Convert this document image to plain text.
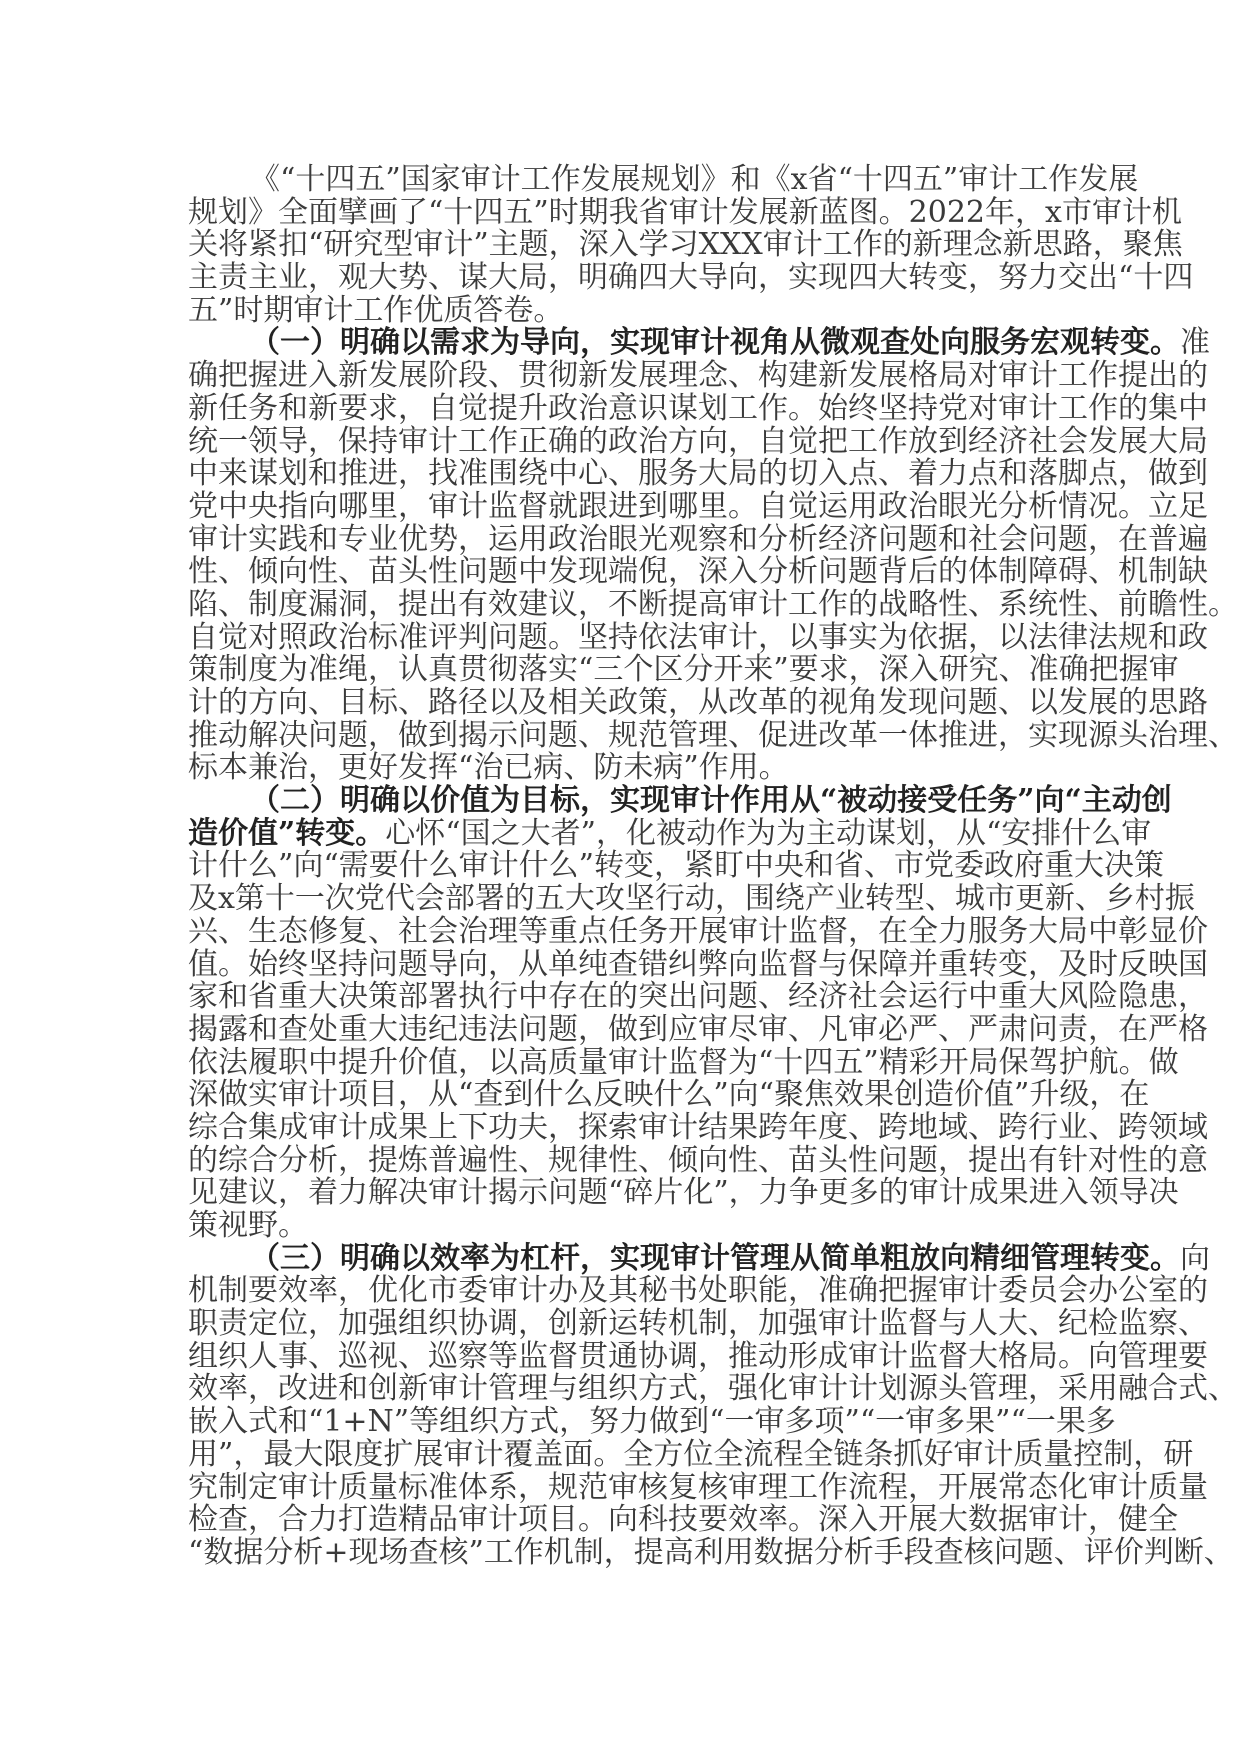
《“十四五”国家审计工作发展规划》和《x省“十四五”审计工作发展
规划》全面擘画了“十四五”时期我省审计发展新蓝图。2022年，x市审计机
关将紧扣“研究型审计”主题，深入学习XXX审计工作的新理念新思路，聚焦
主责主业，观大势、谋大局，明确四大导向，实现四大转变，努力交出“十四
五”时期审计工作优质答卷。
（一）明确以需求为导向，实现审计视角从微观查处向服务宏观转变。准
确把握进入新发展阶段、贯彻新发展理念、构建新发展格局对审计工作提出的
新任务和新要求，自觉提升政治意识谋划工作。始终坚持党对审计工作的集中
统一领导，保持审计工作正确的政治方向，自觉把工作放到经济社会发展大局
中来谋划和推进，找准围绕中心、服务大局的切入点、着力点和落脚点，做到
党中央指向哪里，审计监督就跟进到哪里。自觉运用政治眼光分析情况。立足
审计实践和专业优势，运用政治眼光观察和分析经济问题和社会问题，在普遍
性、倾向性、苗头性问题中发现端倪，深入分析问题背后的体制障碍、机制缺
陷、制度漏洞，提出有效建议，不断提高审计工作的战略性、系统性、前瞻性。
自觉对照政治标准评判问题。坚持依法审计，以事实为依据，以法律法规和政
策制度为准绳，认真贯彻落实“三个区分开来”要求，深入研究、准确把握审
计的方向、目标、路径以及相关政策，从改革的视角发现问题、以发展的思路
推动解决问题，做到揭示问题、规范管理、促进改革一体推进，实现源头治理、
标本兼治，更好发挥“治已病、防未病”作用。
（二）明确以价值为目标，实现审计作用从“被动接受任务”向“主动创
造价值”转变。心怀“国之大者”，化被动作为为主动谋划，从“安排什么审
计什么”向“需要什么审计什么”转变，紧盯中央和省、市党委政府重大决策
及x第十一次党代会部署的五大攻坚行动，围绕产业转型、城市更新、乡村振
兴、生态修复、社会治理等重点任务开展审计监督，在全力服务大局中彰显价
值。始终坚持问题导向，从单纯查错纠弊向监督与保障并重转变，及时反映国
家和省重大决策部署执行中存在的突出问题、经济社会运行中重大风险隐患，
揭露和查处重大违纪违法问题，做到应审尽审、凡审必严、严肃问责，在严格
依法履职中提升价值，以高质量审计监督为“十四五”精彩开局保驾护航。做
深做实审计项目，从“查到什么反映什么”向“聚焦效果创造价值”升级，在
综合集成审计成果上下功夫，探索审计结果跨年度、跨地域、跨行业、跨领域
的综合分析，提炼普遍性、规律性、倾向性、苗头性问题，提出有针对性的意
见建议，着力解决审计揭示问题“碎片化”，力争更多的审计成果进入领导决
策视野。
（三）明确以效率为杠杆，实现审计管理从简单粗放向精细管理转变。向
机制要效率，优化市委审计办及其秘书处职能，准确把握审计委员会办公室的
职责定位，加强组织协调，创新运转机制，加强审计监督与人大、纪检监察、
组织人事、巡视、巡察等监督贯通协调，推动形成审计监督大格局。向管理要
效率，改进和创新审计管理与组织方式，强化审计计划源头管理，采用融合式、
嵌入式和“1+N”等组织方式，努力做到“一审多项”“一审多果”“一果多
用”，最大限度扩展审计覆盖面。全方位全流程全链条抓好审计质量控制，研
究制定审计质量标准体系，规范审核复核审理工作流程，开展常态化审计质量
检查，合力打造精品审计项目。向科技要效率。深入开展大数据审计，健全
“数据分析+现场查核”工作机制，提高利用数据分析手段查核问题、评价判断、
